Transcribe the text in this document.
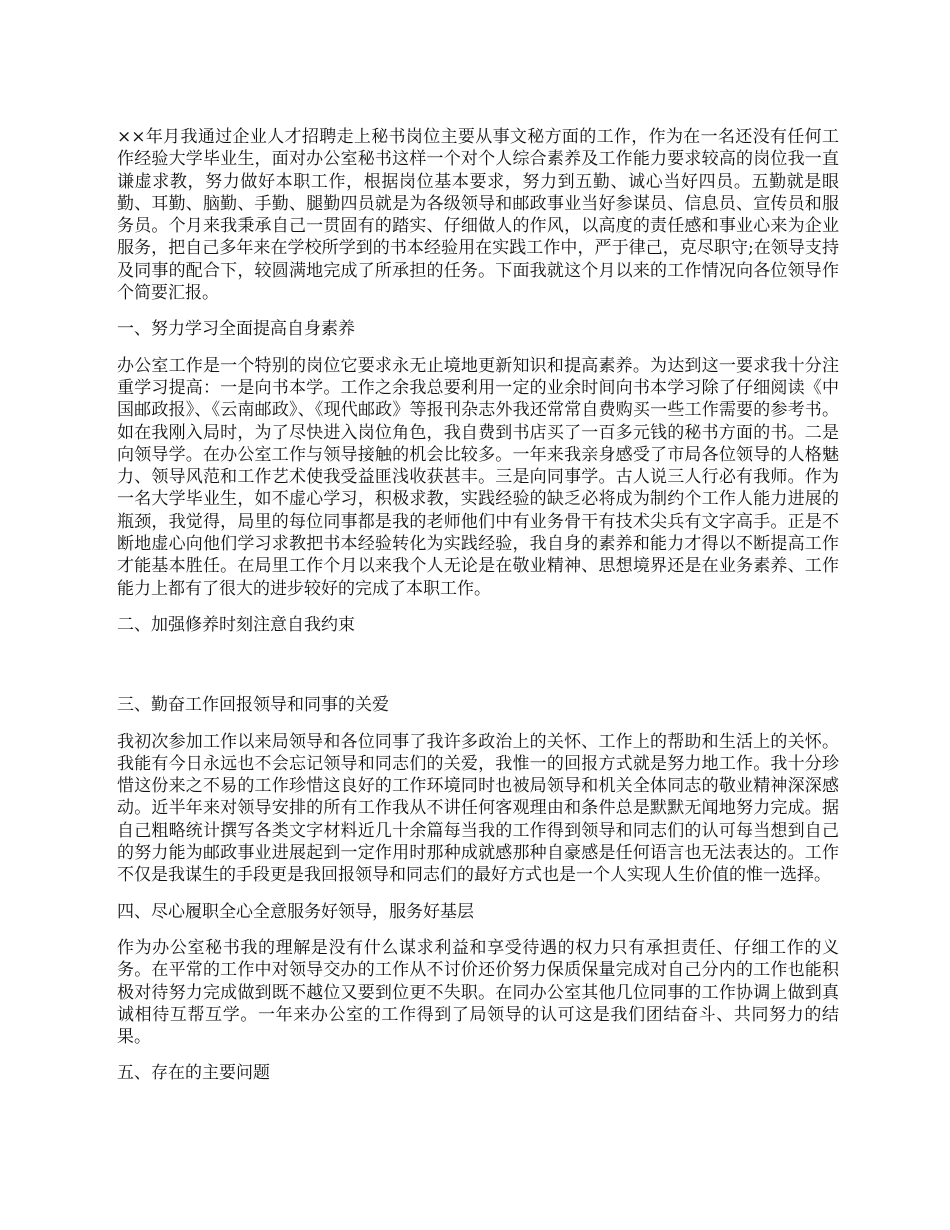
××年月我通过企业人才招聘走上秘书岗位主要从事文秘方面的工作，作为在一名还没有任何工作经验大学毕业生，面对办公室秘书这样一个对个人综合素养及工作能力要求较高的岗位我一直谦虚求教，努力做好本职工作，根据岗位基本要求，努力到五勤、诚心当好四员。五勤就是眼勤、耳勤、脑勤、手勤、腿勤四员就是为各级领导和邮政事业当好参谋员、信息员、宣传员和服务员。个月来我秉承自己一贯固有的踏实、仔细做人的作风，以高度的责任感和事业心来为企业服务，把自己多年来在学校所学到的书本经验用在实践工作中，严于律己，克尽职守;在领导支持及同事的配合下，较圆满地完成了所承担的任务。下面我就这个月以来的工作情况向各位领导作个简要汇报。

一、努力学习全面提高自身素养

办公室工作是一个特别的岗位它要求永无止境地更新知识和提高素养。为达到这一要求我十分注重学习提高：一是向书本学。工作之余我总要利用一定的业余时间向书本学习除了仔细阅读《中国邮政报》、《云南邮政》、《现代邮政》等报刊杂志外我还常常自费购买一些工作需要的参考书。如在我刚入局时，为了尽快进入岗位角色，我自费到书店买了一百多元钱的秘书方面的书。二是向领导学。在办公室工作与领导接触的机会比较多。一年来我亲身感受了市局各位领导的人格魅力、领导风范和工作艺术使我受益匪浅收获甚丰。三是向同事学。古人说三人行必有我师。作为一名大学毕业生，如不虚心学习，积极求教，实践经验的缺乏必将成为制约个工作人能力进展的瓶颈，我觉得，局里的每位同事都是我的老师他们中有业务骨干有技术尖兵有文字高手。正是不断地虚心向他们学习求教把书本经验转化为实践经验，我自身的素养和能力才得以不断提高工作才能基本胜任。在局里工作个月以来我个人无论是在敬业精神、思想境界还是在业务素养、工作能力上都有了很大的进步较好的完成了本职工作。

二、加强修养时刻注意自我约束

三、勤奋工作回报领导和同事的关爱

我初次参加工作以来局领导和各位同事了我许多政治上的关怀、工作上的帮助和生活上的关怀。我能有今日永远也不会忘记领导和同志们的关爱，我惟一的回报方式就是努力地工作。我十分珍惜这份来之不易的工作珍惜这良好的工作环境同时也被局领导和机关全体同志的敬业精神深深感动。近半年来对领导安排的所有工作我从不讲任何客观理由和条件总是默默无闻地努力完成。据自己粗略统计撰写各类文字材料近几十余篇每当我的工作得到领导和同志们的认可每当想到自己的努力能为邮政事业进展起到一定作用时那种成就感那种自豪感是任何语言也无法表达的。工作不仅是我谋生的手段更是我回报领导和同志们的最好方式也是一个人实现人生价值的惟一选择。

四、尽心履职全心全意服务好领导，服务好基层

作为办公室秘书我的理解是没有什么谋求利益和享受待遇的权力只有承担责任、仔细工作的义务。在平常的工作中对领导交办的工作从不讨价还价努力保质保量完成对自己分内的工作也能积极对待努力完成做到既不越位又要到位更不失职。在同办公室其他几位同事的工作协调上做到真诚相待互帮互学。一年来办公室的工作得到了局领导的认可这是我们团结奋斗、共同努力的结果。

五、存在的主要问题
